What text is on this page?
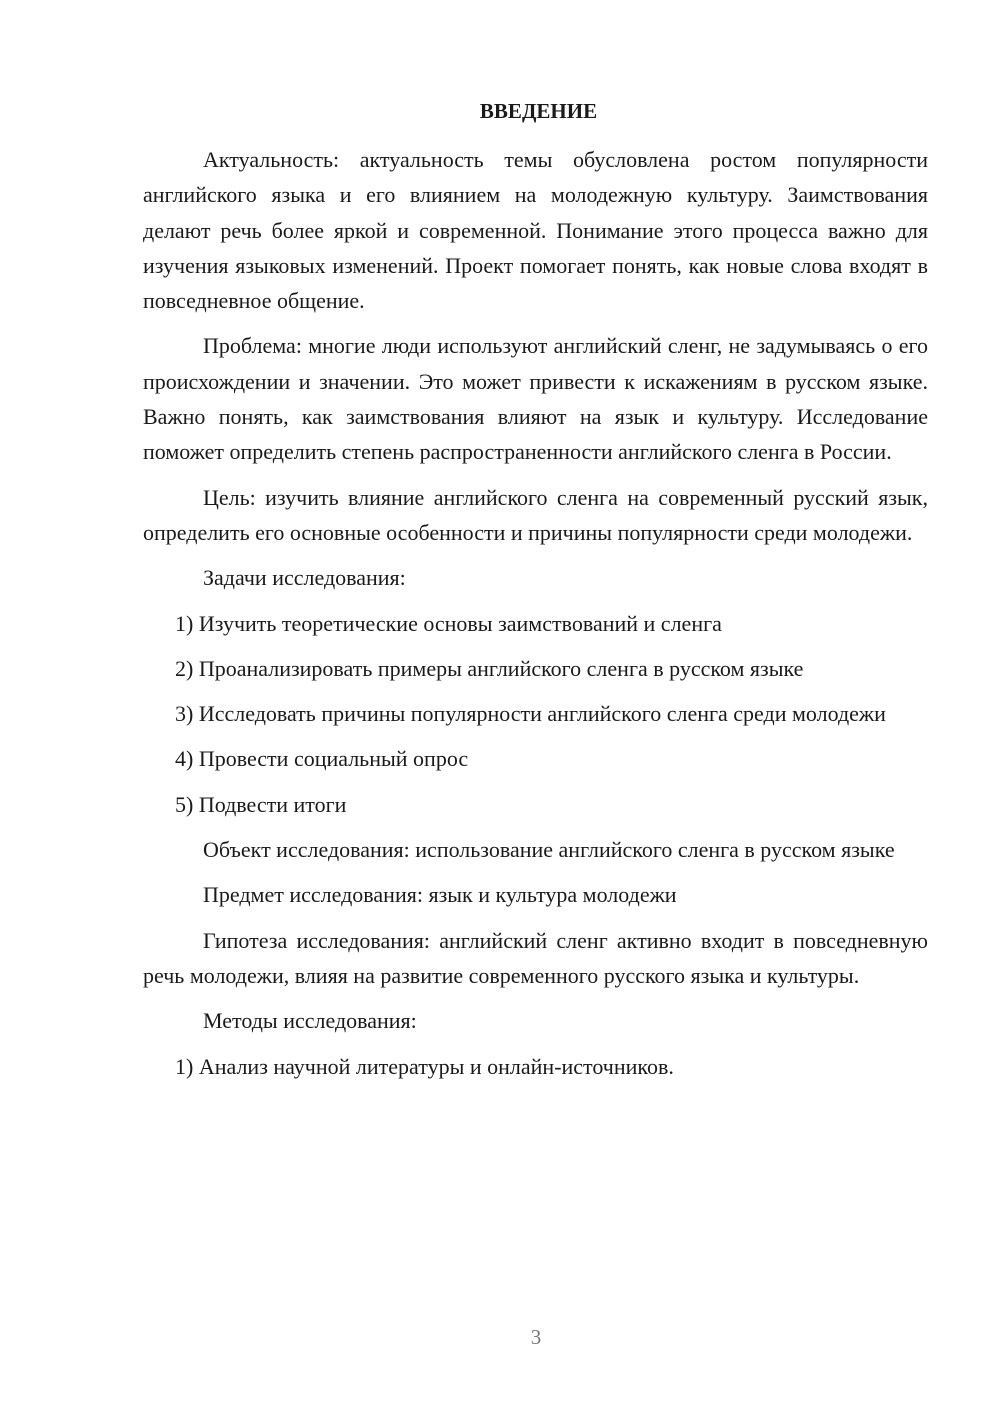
ВВЕДЕНИЕ

Актуальность: актуальность темы обусловлена ростом популярности английского языка и его влиянием на молодежную культуру. Заимствования делают речь более яркой и современной. Понимание этого процесса важно для изучения языковых изменений. Проект помогает понять, как новые слова входят в повседневное общение.

Проблема: многие люди используют английский сленг, не задумываясь о его происхождении и значении. Это может привести к искажениям в русском языке. Важно понять, как заимствования влияют на язык и культуру. Исследование поможет определить степень распространенности английского сленга в России.

Цель: изучить влияние английского сленга на современный русский язык, определить его основные особенности и причины популярности среди молодежи.

Задачи исследования:

1) Изучить теоретические основы заимствований и сленга

2) Проанализировать примеры английского сленга в русском языке

3) Исследовать причины популярности английского сленга среди молодежи

4) Провести социальный опрос

5) Подвести итоги

Объект исследования: использование английского сленга в русском языке

Предмет исследования: язык и культура молодежи

Гипотеза исследования: английский сленг активно входит в повседневную речь молодежи, влияя на развитие современного русского языка и культуры.

Методы исследования:

1) Анализ научной литературы и онлайн-источников.

3
